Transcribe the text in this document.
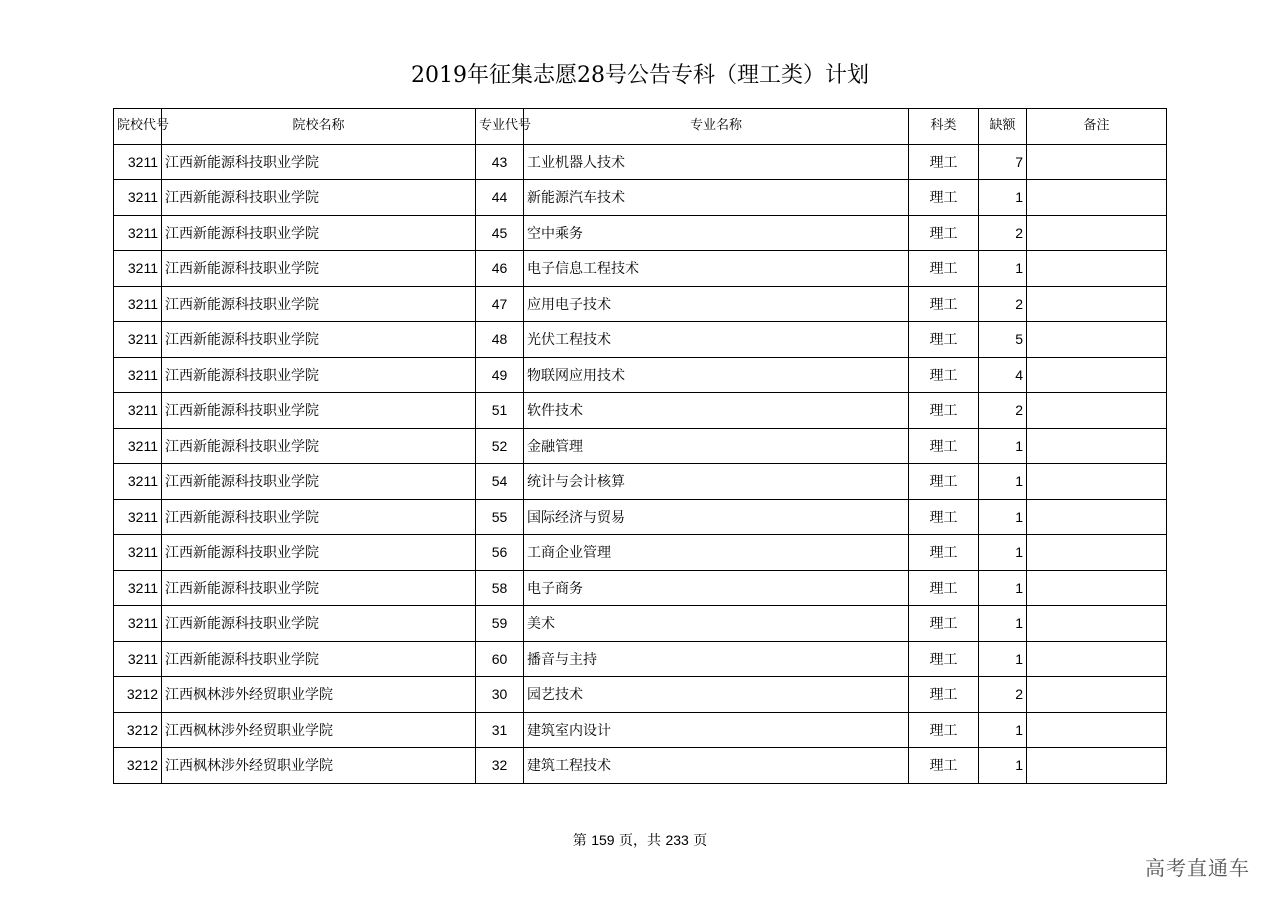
2019年征集志愿28号公告专科（理工类）计划
院校代号	院校名称	专业代号	专业名称	科类	缺额	备注
3211	江西新能源科技职业学院	43	工业机器人技术	理工	7	
3211	江西新能源科技职业学院	44	新能源汽车技术	理工	1	
3211	江西新能源科技职业学院	45	空中乘务	理工	2	
3211	江西新能源科技职业学院	46	电子信息工程技术	理工	1	
3211	江西新能源科技职业学院	47	应用电子技术	理工	2	
3211	江西新能源科技职业学院	48	光伏工程技术	理工	5	
3211	江西新能源科技职业学院	49	物联网应用技术	理工	4	
3211	江西新能源科技职业学院	51	软件技术	理工	2	
3211	江西新能源科技职业学院	52	金融管理	理工	1	
3211	江西新能源科技职业学院	54	统计与会计核算	理工	1	
3211	江西新能源科技职业学院	55	国际经济与贸易	理工	1	
3211	江西新能源科技职业学院	56	工商企业管理	理工	1	
3211	江西新能源科技职业学院	58	电子商务	理工	1	
3211	江西新能源科技职业学院	59	美术	理工	1	
3211	江西新能源科技职业学院	60	播音与主持	理工	1	
3212	江西枫林涉外经贸职业学院	30	园艺技术	理工	2	
3212	江西枫林涉外经贸职业学院	31	建筑室内设计	理工	1	
3212	江西枫林涉外经贸职业学院	32	建筑工程技术	理工	1	
第 159 页，共 233 页
高考直通车
